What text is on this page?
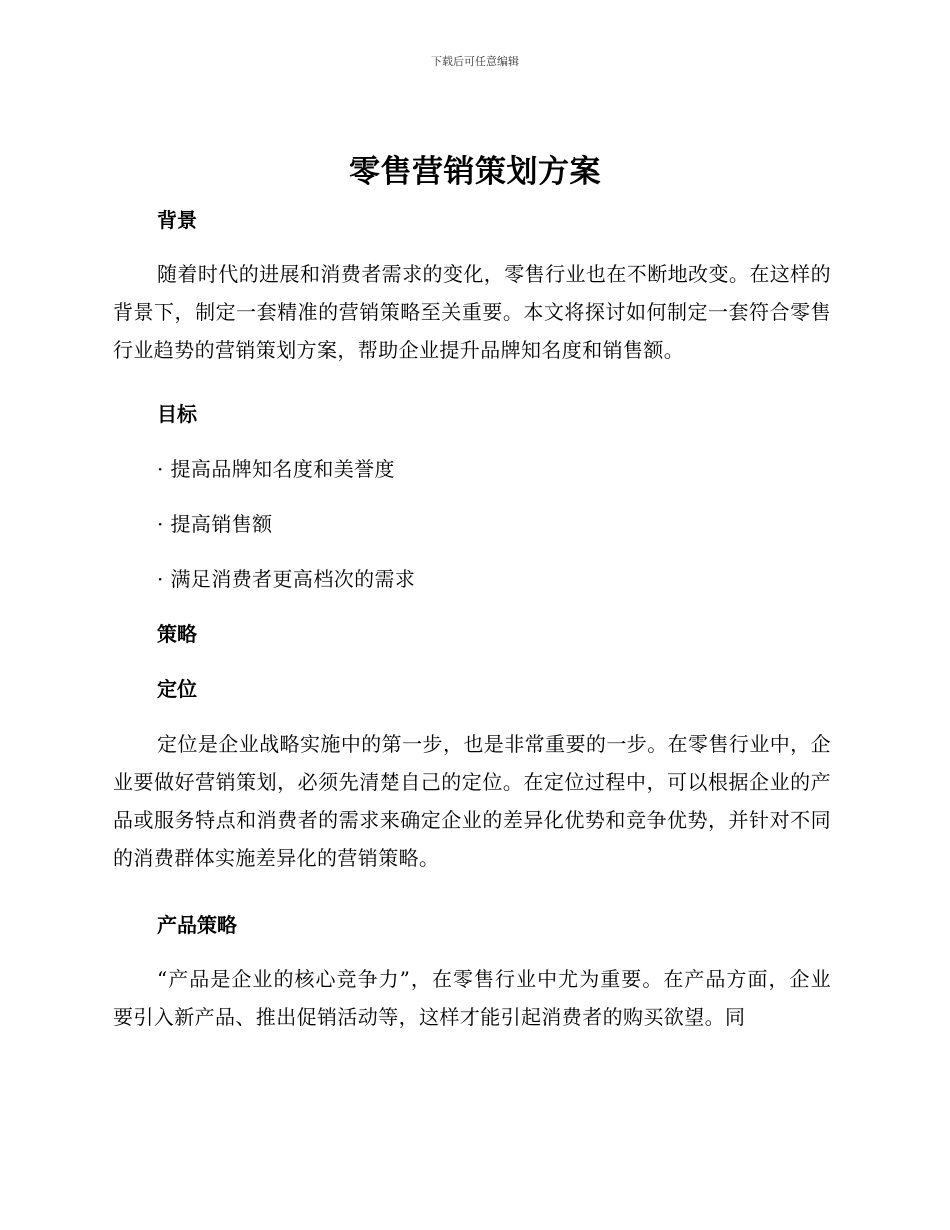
下载后可任意编辑
零售营销策划方案
背景
随着时代的进展和消费者需求的变化，零售行业也在不断地改变。在这样的背景下，制定一套精准的营销策略至关重要。本文将探讨如何制定一套符合零售行业趋势的营销策划方案，帮助企业提升品牌知名度和销售额。
目标
· 提高品牌知名度和美誉度
· 提高销售额
· 满足消费者更高档次的需求
策略
定位
定位是企业战略实施中的第一步，也是非常重要的一步。在零售行业中，企业要做好营销策划，必须先清楚自己的定位。在定位过程中，可以根据企业的产品或服务特点和消费者的需求来确定企业的差异化优势和竞争优势，并针对不同的消费群体实施差异化的营销策略。
产品策略
“产品是企业的核心竞争力”，在零售行业中尤为重要。在产品方面，企业要引入新产品、推出促销活动等，这样才能引起消费者的购买欲望。同
